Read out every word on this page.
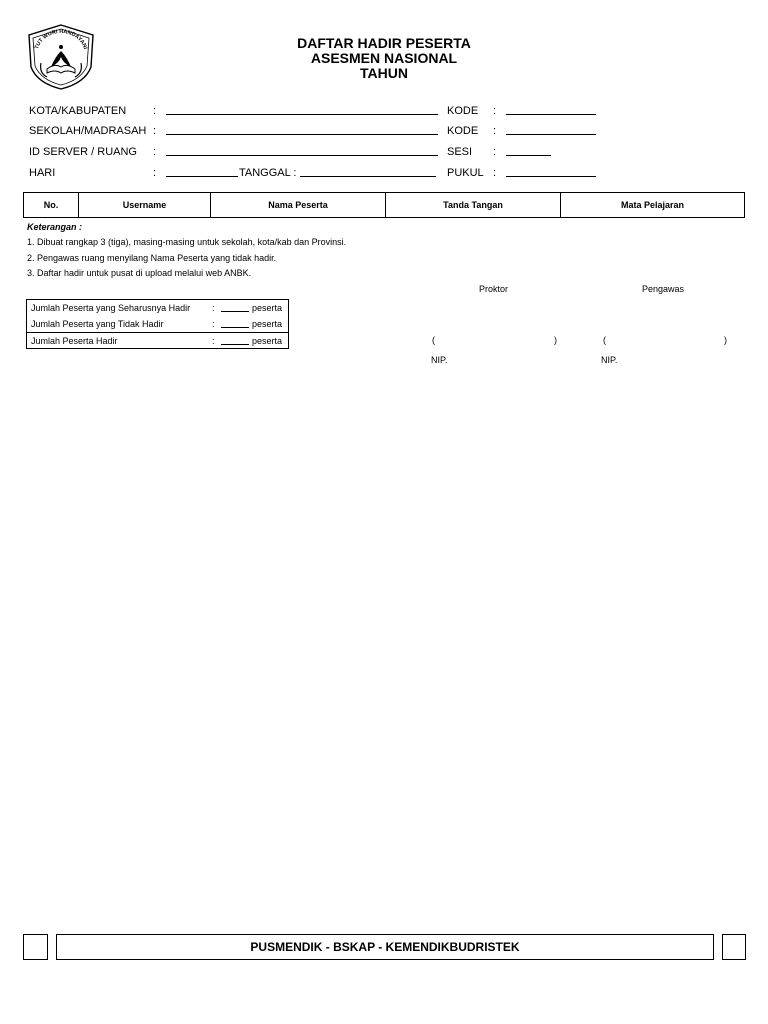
TUT WURI HANDAYANI	DAFTAR HADIR PESERTA
ASESMEN NASIONAL
TAHUN
KOTA/KABUPATEN :
SEKOLAH/MADRASAH :
ID SERVER / RUANG :
HARI	:	TANGGAL :
KODE :
KODE :
SESI :
PUKUL :
No.	Username	Nama Peserta	Tanda Tangan	Mata Pelajaran
Keterangan :
1. Dibuat rangkap 3 (tiga), masing-masing untuk sekolah, kota/kab dan Provinsi.
2. Pengawas ruang menyilang Nama Peserta yang tidak hadir.
3. Daftar hadir untuk pusat di upload melalui web ANBK.
Jumlah Peserta yang Seharusnya Hadir :	peserta
Jumlah Peserta yang Tidak Hadir	:	peserta
Jumlah Peserta Hadir	:	peserta
Proktor	Pengawas
(	)	(	)
NIP.	NIP.
PUSMENDIK - BSKAP - KEMENDIKBUDRISTEK
